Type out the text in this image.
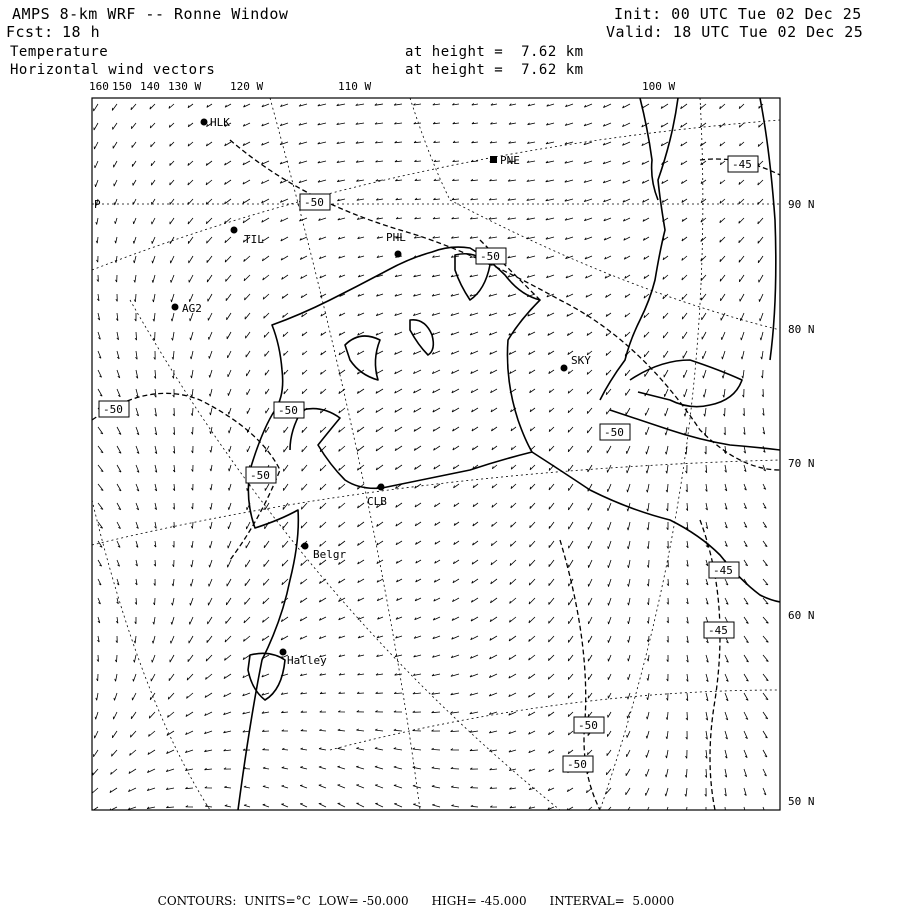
AMPS 8-km WRF -- Ronne Window
Fcst: 18 h
Temperature
Horizontal wind vectors
at height =  7.62 km
at height =  7.62 km
Init: 00 UTC Tue 02 Dec 25
Valid: 18 UTC Tue 02 Dec 25
HLK
PNE
TIL	PHL
AG2
SKY
CLB
Belgr
Halley
-50
-50
-50	-50
-50
-50
-50
-45
-45
-45
-50
P
160 150 140 130 W	120 W	110 W	100 W
90 N
80 N
70 N
60 N
50 N

CONTOURS: UNITS=°C LOW= -50.000 HIGH= -45.000 INTERVAL=  5.0000
